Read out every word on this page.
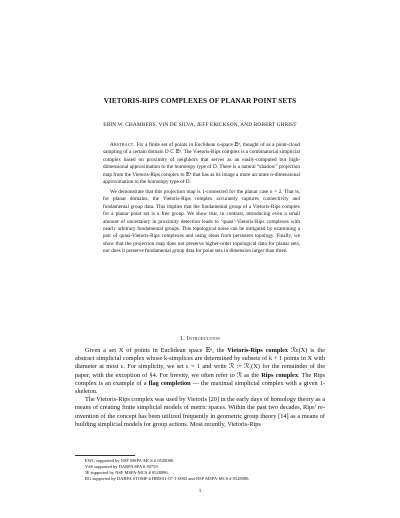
VIETORIS-RIPS COMPLEXES OF PLANAR POINT SETS
ERIN W. CHAMBERS, VIN DE SILVA, JEFF ERICKSON, AND ROBERT GHRIST

Abstract. Fix a finite set of points in Euclidean n-space 𝔼ⁿ, thought of as a point-cloud sampling of a certain domain D ⊂ 𝔼ⁿ. The Vietoris-Rips complex is a combinatorial simplicial complex based on proximity of neighbors that serves as an easily-computed but high-dimensional approximation to the homotopy type of D. There is a natural “shadow” projection map from the Vietoris-Rips complex to 𝔼ⁿ that has as its image a more accurate n-dimensional approximation to the homotopy type of D.

We demonstrate that this projection map is 1-connected for the planar case n = 2. That is, for planar domains, the Vietoris-Rips complex accurately captures connectivity and fundamental group data. This implies that the fundamental group of a Vietoris-Rips complex for a planar point set is a free group. We show that, in contrast, introducing even a small amount of uncertainty in proximity detection leads to ‘quasi’-Vietoris-Rips complexes with nearly arbitrary fundamental groups. This topological noise can be mitigated by examining a pair of quasi-Vietoris-Rips complexes and using ideas from persistent topology. Finally, we show that the projection map does not preserve higher-order topological data for planar sets, nor does it preserve fundamental group data for point sets in dimension larger than three.

1. Introduction

Given a set X of points in Euclidean space 𝔼ⁿ, the Vietoris-Rips complex ℛε(X) is the abstract simplicial complex whose k-simplices are determined by subsets of k + 1 points in X with diameter at most ε. For simplicity, we set ε = 1 and write ℛ := ℛ₁(X) for the remainder of the paper, with the exception of §4. For brevity, we often refer to ℛ as the Rips complex. The Rips complex is an example of a flag completion — the maximal simplicial complex with a given 1-skeleton.

The Vietoris-Rips complex was used by Vietoris [20] in the early days of homology theory as a means of creating finite simplicial models of metric spaces. Within the past two decades, Rips’ re-invention of the concept has been utilized frequently in geometric group theory [14] as a means of building simplicial models for group actions. Most recently, Vietoris-Rips

EWC supported by NSF MSPA-MCS # 0528086.
VdS supported by DARPA SPA # 30759.
JE supported by NSF MSPA-MCS # 0528086.
RG supported by DARPA STOMP # HR0011-07-1-0002 and NSF MSPA-MCS # 0528086.
1
